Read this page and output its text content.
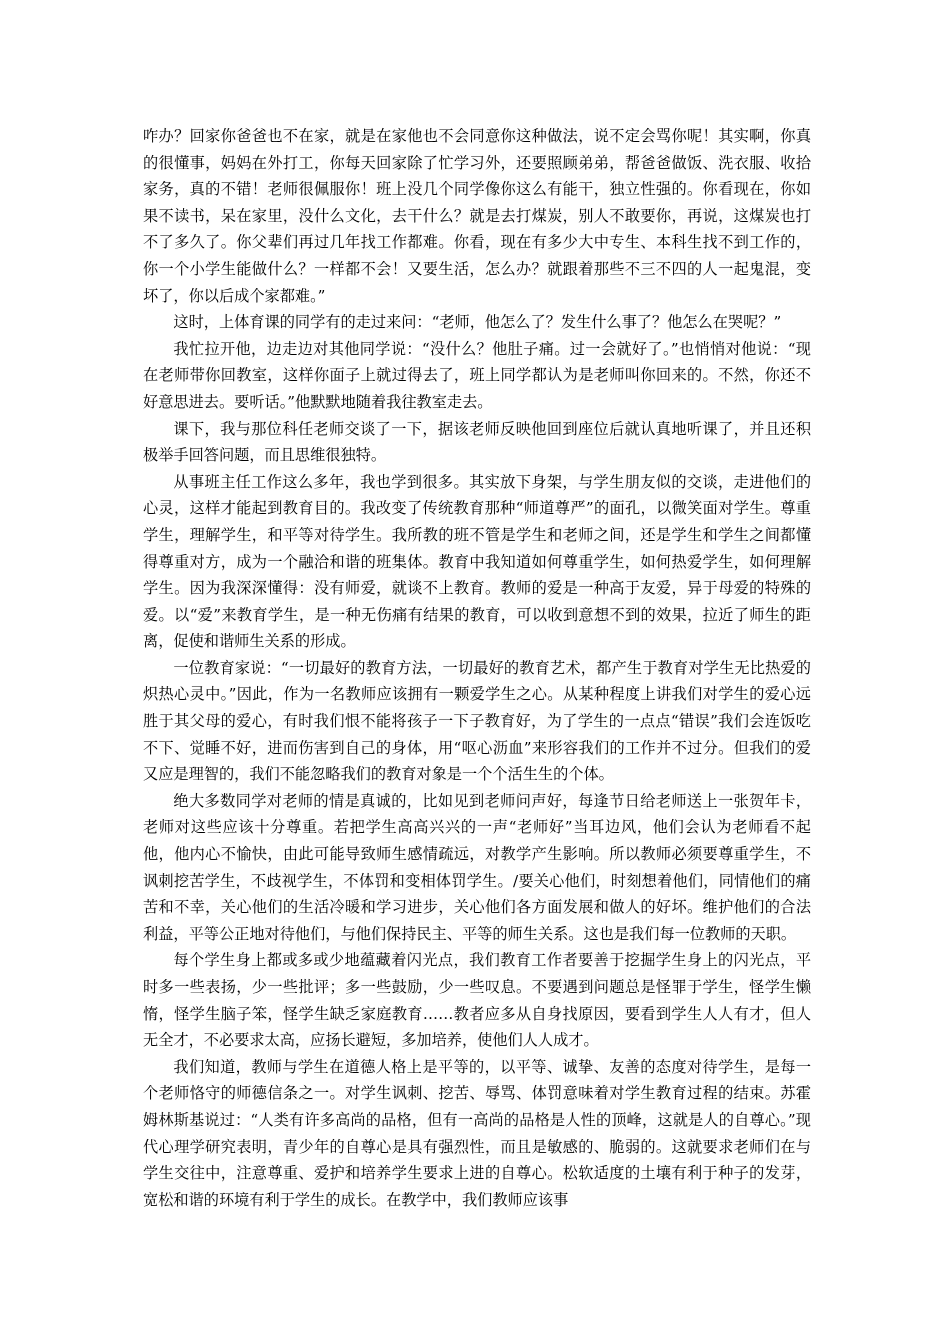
咋办？回家你爸爸也不在家，就是在家他也不会同意你这种做法，说不定会骂你呢！其实啊，你真的很懂事，妈妈在外打工，你每天回家除了忙学习外，还要照顾弟弟，帮爸爸做饭、洗衣服、收拾家务，真的不错！老师很佩服你！班上没几个同学像你这么有能干，独立性强的。你看现在，你如果不读书，呆在家里，没什么文化，去干什么？就是去打煤炭，别人不敢要你，再说，这煤炭也打不了多久了。你父辈们再过几年找工作都难。你看，现在有多少大中专生、本科生找不到工作的，你一个小学生能做什么？一样都不会！又要生活，怎么办？就跟着那些不三不四的人一起鬼混，变坏了，你以后成个家都难。”

这时，上体育课的同学有的走过来问：“老师，他怎么了？发生什么事了？他怎么在哭呢？”

我忙拉开他，边走边对其他同学说：“没什么？他肚子痛。过一会就好了。”也悄悄对他说：“现在老师带你回教室，这样你面子上就过得去了，班上同学都认为是老师叫你回来的。不然，你还不好意思进去。要听话。”他默默地随着我往教室走去。

课下，我与那位科任老师交谈了一下，据该老师反映他回到座位后就认真地听课了，并且还积极举手回答问题，而且思维很独特。

从事班主任工作这么多年，我也学到很多。其实放下身架，与学生朋友似的交谈，走进他们的心灵，这样才能起到教育目的。我改变了传统教育那种“师道尊严”的面孔，以微笑面对学生。尊重学生，理解学生，和平等对待学生。我所教的班不管是学生和老师之间，还是学生和学生之间都懂得尊重对方，成为一个融洽和谐的班集体。教育中我知道如何尊重学生，如何热爱学生，如何理解学生。因为我深深懂得：没有师爱，就谈不上教育。教师的爱是一种高于友爱，异于母爱的特殊的爱。以“爱”来教育学生，是一种无伤痛有结果的教育，可以收到意想不到的效果，拉近了师生的距离，促使和谐师生关系的形成。

一位教育家说：“一切最好的教育方法，一切最好的教育艺术，都产生于教育对学生无比热爱的炽热心灵中。”因此，作为一名教师应该拥有一颗爱学生之心。从某种程度上讲我们对学生的爱心远胜于其父母的爱心，有时我们恨不能将孩子一下子教育好，为了学生的一点点“错误”我们会连饭吃不下、觉睡不好，进而伤害到自己的身体，用“呕心沥血”来形容我们的工作并不过分。但我们的爱又应是理智的，我们不能忽略我们的教育对象是一个个活生生的个体。

绝大多数同学对老师的情是真诚的，比如见到老师问声好，每逢节日给老师送上一张贺年卡，老师对这些应该十分尊重。若把学生高高兴兴的一声“老师好”当耳边风，他们会认为老师看不起他，他内心不愉快，由此可能导致师生感情疏远，对教学产生影响。所以教师必须要尊重学生，不讽刺挖苦学生，不歧视学生，不体罚和变相体罚学生。/要关心他们，时刻想着他们，同情他们的痛苦和不幸，关心他们的生活冷暖和学习进步，关心他们各方面发展和做人的好坏。维护他们的合法利益，平等公正地对待他们，与他们保持民主、平等的师生关系。这也是我们每一位教师的天职。

每个学生身上都或多或少地蕴藏着闪光点，我们教育工作者要善于挖掘学生身上的闪光点，平时多一些表扬，少一些批评；多一些鼓励，少一些叹息。不要遇到问题总是怪罪于学生，怪学生懒惰，怪学生脑子笨，怪学生缺乏家庭教育……教者应多从自身找原因，要看到学生人人有才，但人无全才，不必要求太高，应扬长避短，多加培养，使他们人人成才。

我们知道，教师与学生在道德人格上是平等的，以平等、诚挚、友善的态度对待学生，是每一个老师恪守的师德信条之一。对学生讽刺、挖苦、辱骂、体罚意味着对学生教育过程的结束。苏霍姆林斯基说过：“人类有许多高尚的品格，但有一高尚的品格是人性的顶峰，这就是人的自尊心。”现代心理学研究表明，青少年的自尊心是具有强烈性，而且是敏感的、脆弱的。这就要求老师们在与学生交往中，注意尊重、爱护和培养学生要求上进的自尊心。松软适度的土壤有利于种子的发芽，宽松和谐的环境有利于学生的成长。在教学中，我们教师应该事
